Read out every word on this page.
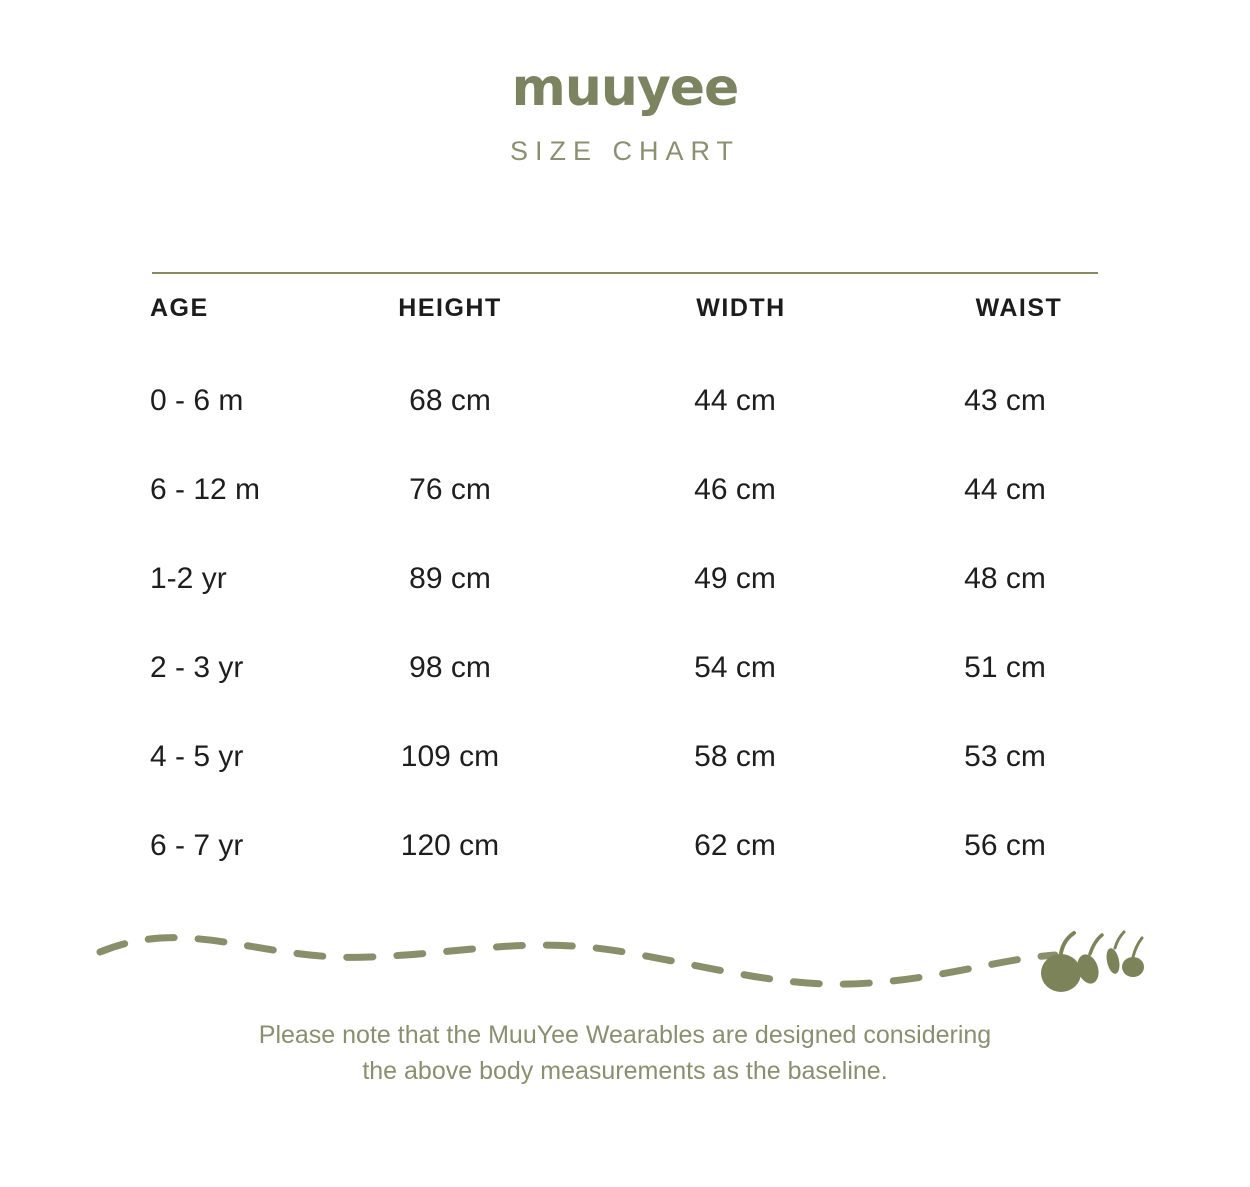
muuyee
SIZE CHART
AGE	HEIGHT	WIDTH	WAIST
0 - 6 m	68 cm	44 cm	43 cm
6 - 12 m	76 cm	46 cm	44 cm
1-2 yr	89 cm	49 cm	48 cm
2 - 3 yr	98 cm	54 cm	51 cm
4 - 5 yr	109 cm	58 cm	53 cm
6 - 7 yr	120 cm	62 cm	56 cm
Please note that the MuuYee Wearables are designed considering
the above body measurements as the baseline.
